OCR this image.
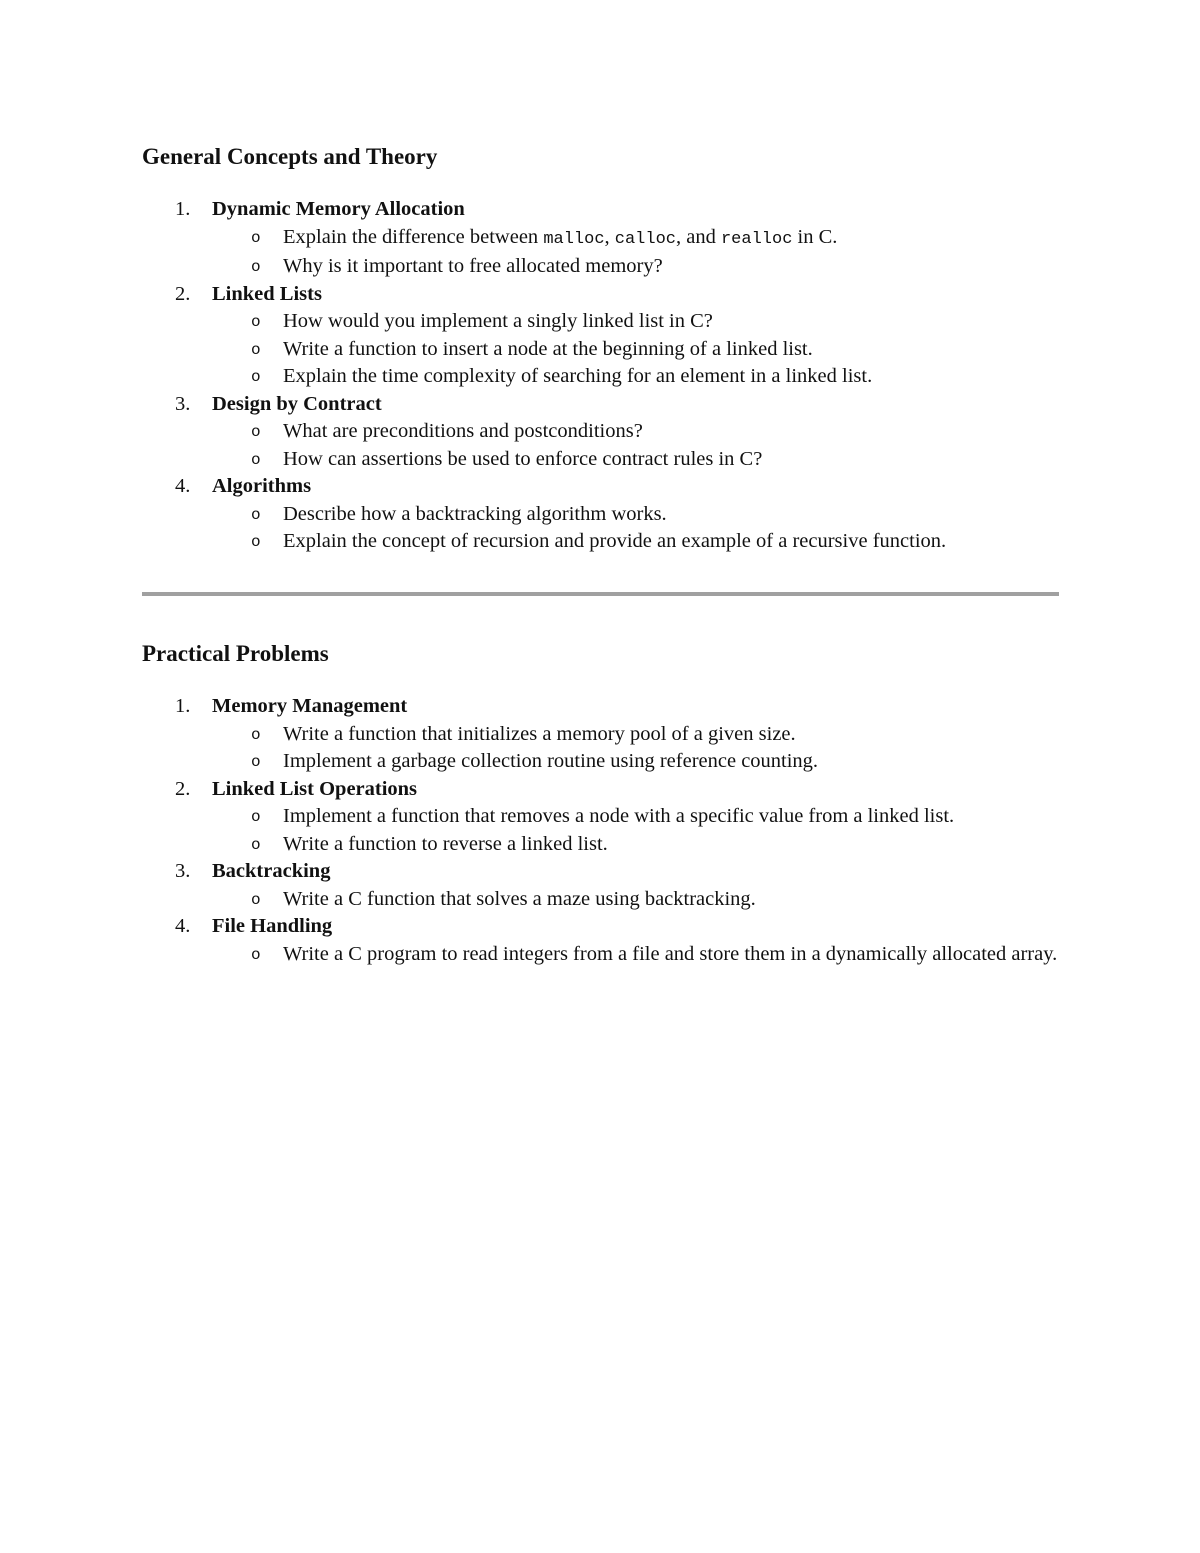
General Concepts and Theory
1.	Dynamic Memory Allocation
o Explain the difference between malloc, calloc, and realloc in C.
o Why is it important to free allocated memory?
2.	Linked Lists
o How would you implement a singly linked list in C?
o Write a function to insert a node at the beginning of a linked list.
o Explain the time complexity of searching for an element in a linked list.
3.	Design by Contract
o What are preconditions and postconditions?
o How can assertions be used to enforce contract rules in C?
4.	Algorithms
o Describe how a backtracking algorithm works.
o Explain the concept of recursion and provide an example of a recursive function.
Practical Problems
1.	Memory Management
o Write a function that initializes a memory pool of a given size.
o Implement a garbage collection routine using reference counting.
2.	Linked List Operations
o Implement a function that removes a node with a specific value from a linked list.
o Write a function to reverse a linked list.
3.	Backtracking
o Write a C function that solves a maze using backtracking.
4.	File Handling
o Write a C program to read integers from a file and store them in a dynamically allocated array.
